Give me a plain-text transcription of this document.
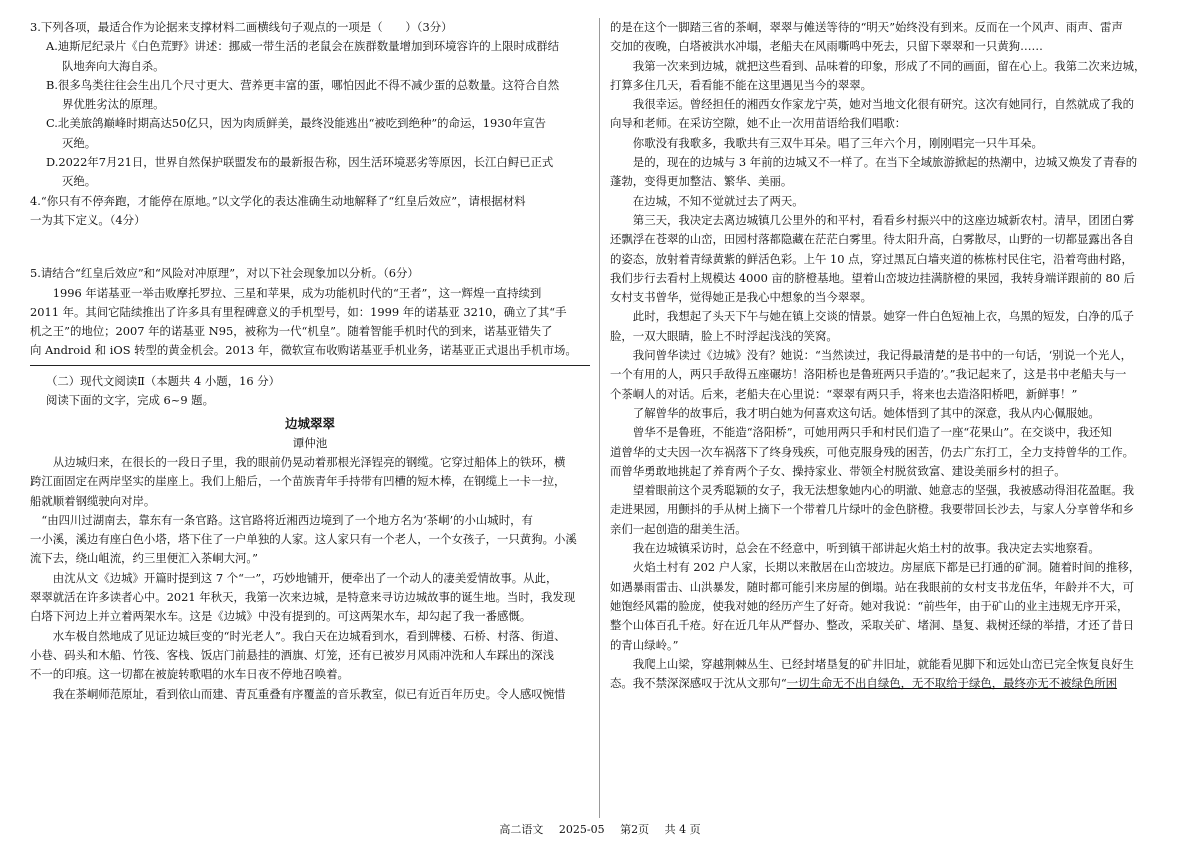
3.下列各项，最适合作为论据来支撑材料二画横线句子观点的一项是（　　）（3分）

A.迪斯尼纪录片《白色荒野》讲述：挪威一带生活的老鼠会在族群数量增加到环境容许的上限时成群结

队地奔向大海自杀。

B.很多鸟类往往会生出几个尺寸更大、营养更丰富的蛋，哪怕因此不得不减少蛋的总数量。这符合自然

界优胜劣汰的原理。

C.北美旅鸽巅峰时期高达50亿只，因为肉质鲜美，最终没能逃出“被吃到绝种”的命运，1930年宣告

灭绝。

D.2022年7月21日，世界自然保护联盟发布的最新报告称，因生活环境恶劣等原因，长江白鲟已正式

灭绝。

4.“你只有不停奔跑，才能停在原地。”以文学化的表达准确生动地解释了“红皇后效应”，请根据材料

一为其下定义。（4分）

5.请结合“红皇后效应”和“风险对冲原理”，对以下社会现象加以分析。（6分）

1996 年诺基亚一举击败摩托罗拉、三星和苹果，成为功能机时代的“王者”，这一辉煌一直持续到

2011 年。其间它陆续推出了许多具有里程碑意义的手机型号，如：1999 年的诺基亚 3210，确立了其“手

机之王”的地位；2007 年的诺基亚 N95，被称为一代“机皇”。随着智能手机时代的到来，诺基亚错失了

向 Android 和 iOS 转型的黄金机会。2013 年，微软宣布收购诺基亚手机业务，诺基亚正式退出手机市场。

（二）现代文阅读Ⅱ（本题共 4 小题，16 分）

阅读下面的文字，完成 6~9 题。

边城翠翠

谭仲池

从边城归来，在很长的一段日子里，我的眼前仍晃动着那根光泽锃亮的钢缆。它穿过船体上的铁环，横

跨江面固定在两岸坚实的崖座上。我们上船后，一个苗族青年手持带有凹槽的短木棒，在钢缆上一卡一拉，

船就顺着钢缆驶向对岸。

“由四川过湖南去，靠东有一条官路。这官路将近湘西边境到了一个地方名为‘茶峒’的小山城时，有

一小溪，溪边有座白色小塔，塔下住了一户单独的人家。这人家只有一个老人，一个女孩子，一只黄狗。小溪

流下去，绕山岨流，约三里便汇入茶峒大河。”

由沈从文《边城》开篇时提到这 7 个“一”，巧妙地铺开，便牵出了一个动人的凄美爱情故事。从此，

翠翠就活在许多读者心中。2021 年秋天，我第一次来边城，是特意来寻访边城故事的诞生地。当时，我发现

白塔下河边上并立着两架水车。这是《边城》中没有提到的。可这两架水车，却勾起了我一番感慨。

水车极自然地成了见证边城巨变的“时光老人”。我白天在边城看到水，看到牌楼、石桥、村落、街道、

小巷、码头和木船、竹筏、客栈、饭店门前悬挂的酒旗、灯笼，还有已被岁月风雨冲洗和人车踩出的深浅

不一的印痕。这一切都在被旋转歌唱的水车日夜不停地召唤着。

我在茶峒师范原址，看到依山而建、青瓦重叠有序覆盖的音乐教室，似已有近百年历史。令人感叹惋惜

的是在这个一脚踏三省的茶峒，翠翠与傩送等待的“明天”始终没有到来。反而在一个风声、雨声、雷声

交加的夜晚，白塔被洪水冲塌，老船夫在风雨嘶鸣中死去，只留下翠翠和一只黄狗……

我第一次来到边城，就把这些看到、品味着的印象，形成了不同的画面，留在心上。我第二次来边城，

打算多住几天，看看能不能在这里遇见当今的翠翠。

我很幸运。曾经担任的湘西女作家龙宁英，她对当地文化很有研究。这次有她同行，自然就成了我的

向导和老师。在采访空隙，她不止一次用苗语给我们唱歌：

你歌没有我歌多，我歌共有三双牛耳朵。唱了三年六个月，刚刚唱完一只牛耳朵。

是的，现在的边城与 3 年前的边城又不一样了。在当下全域旅游掀起的热潮中，边城又焕发了青春的

蓬勃，变得更加整洁、繁华、美丽。

在边城，不知不觉就过去了两天。

第三天，我决定去离边城镇几公里外的和平村，看看乡村振兴中的这座边城新农村。清早，团团白雾

还飘浮在苍翠的山峦，田园村落都隐藏在茫茫白雾里。待太阳升高，白雾散尽，山野的一切都显露出各自

的姿态，放射着青绿黄紫的鲜活色彩。上午 10 点，穿过黑瓦白墙夹道的栋栋村民住宅，沿着弯曲村路，

我们步行去看村上规模达 4000 亩的脐橙基地。望着山峦坡边挂满脐橙的果园，我转身端详跟前的 80 后

女村支书曾华，觉得她正是我心中想象的当今翠翠。

此时，我想起了头天下午与她在镇上交谈的情景。她穿一件白色短袖上衣，乌黑的短发，白净的瓜子

脸，一双大眼睛，脸上不时浮起浅浅的笑窝。

我问曾华读过《边城》没有？她说：“当然读过，我记得最清楚的是书中的一句话，‘别说一个光人，

一个有用的人，两只手敌得五座碾坊！洛阳桥也是鲁班两只手造的’。”我记起来了，这是书中老船夫与一

个茶峒人的对话。后来，老船夫在心里说：“翠翠有两只手，将来也去造洛阳桥吧，新鲜事！”

了解曾华的故事后，我才明白她为何喜欢这句话。她体悟到了其中的深意，我从内心佩服她。

曾华不是鲁班，不能造“洛阳桥”，可她用两只手和村民们造了一座“花果山”。在交谈中，我还知

道曾华的丈夫因一次车祸落下了终身残疾，可他克服身残的困苦，仍去广东打工，全力支持曾华的工作。

而曾华勇敢地挑起了养育两个子女、操持家业、带领全村脱贫致富、建设美丽乡村的担子。

望着眼前这个灵秀聪颖的女子，我无法想象她内心的明澈、她意志的坚强，我被感动得泪花盈眶。我

走进果园，用颤抖的手从树上摘下一个带着几片绿叶的金色脐橙。我要带回长沙去，与家人分享曾华和乡

亲们一起创造的甜美生活。

我在边城镇采访时，总会在不经意中，听到镇干部讲起火焰土村的故事。我决定去实地察看。

火焰土村有 202 户人家，长期以来散居在山峦坡边。房屋底下都是已打通的矿洞。随着时间的推移，

如遇暴雨雷击、山洪暴发，随时都可能引来房屋的倒塌。站在我眼前的女村支书龙伍华，年龄并不大，可

她饱经风霜的脸庞，使我对她的经历产生了好奇。她对我说：“前些年，由于矿山的业主违规无序开采，

整个山体百孔千疮。好在近几年从严督办、整改，采取关矿、堵洞、垦复、栽树还绿的举措，才还了昔日

的青山绿岭。”

我爬上山梁，穿越荆棘丛生、已经封堵垦复的矿井旧址，就能看见脚下和远处山峦已完全恢复良好生

态。我不禁深深感叹于沈从文那句“一切生命无不出自绿色，无不取给于绿色，最终亦无不被绿色所困

高二语文 2025-05 第2页 共 4 页
